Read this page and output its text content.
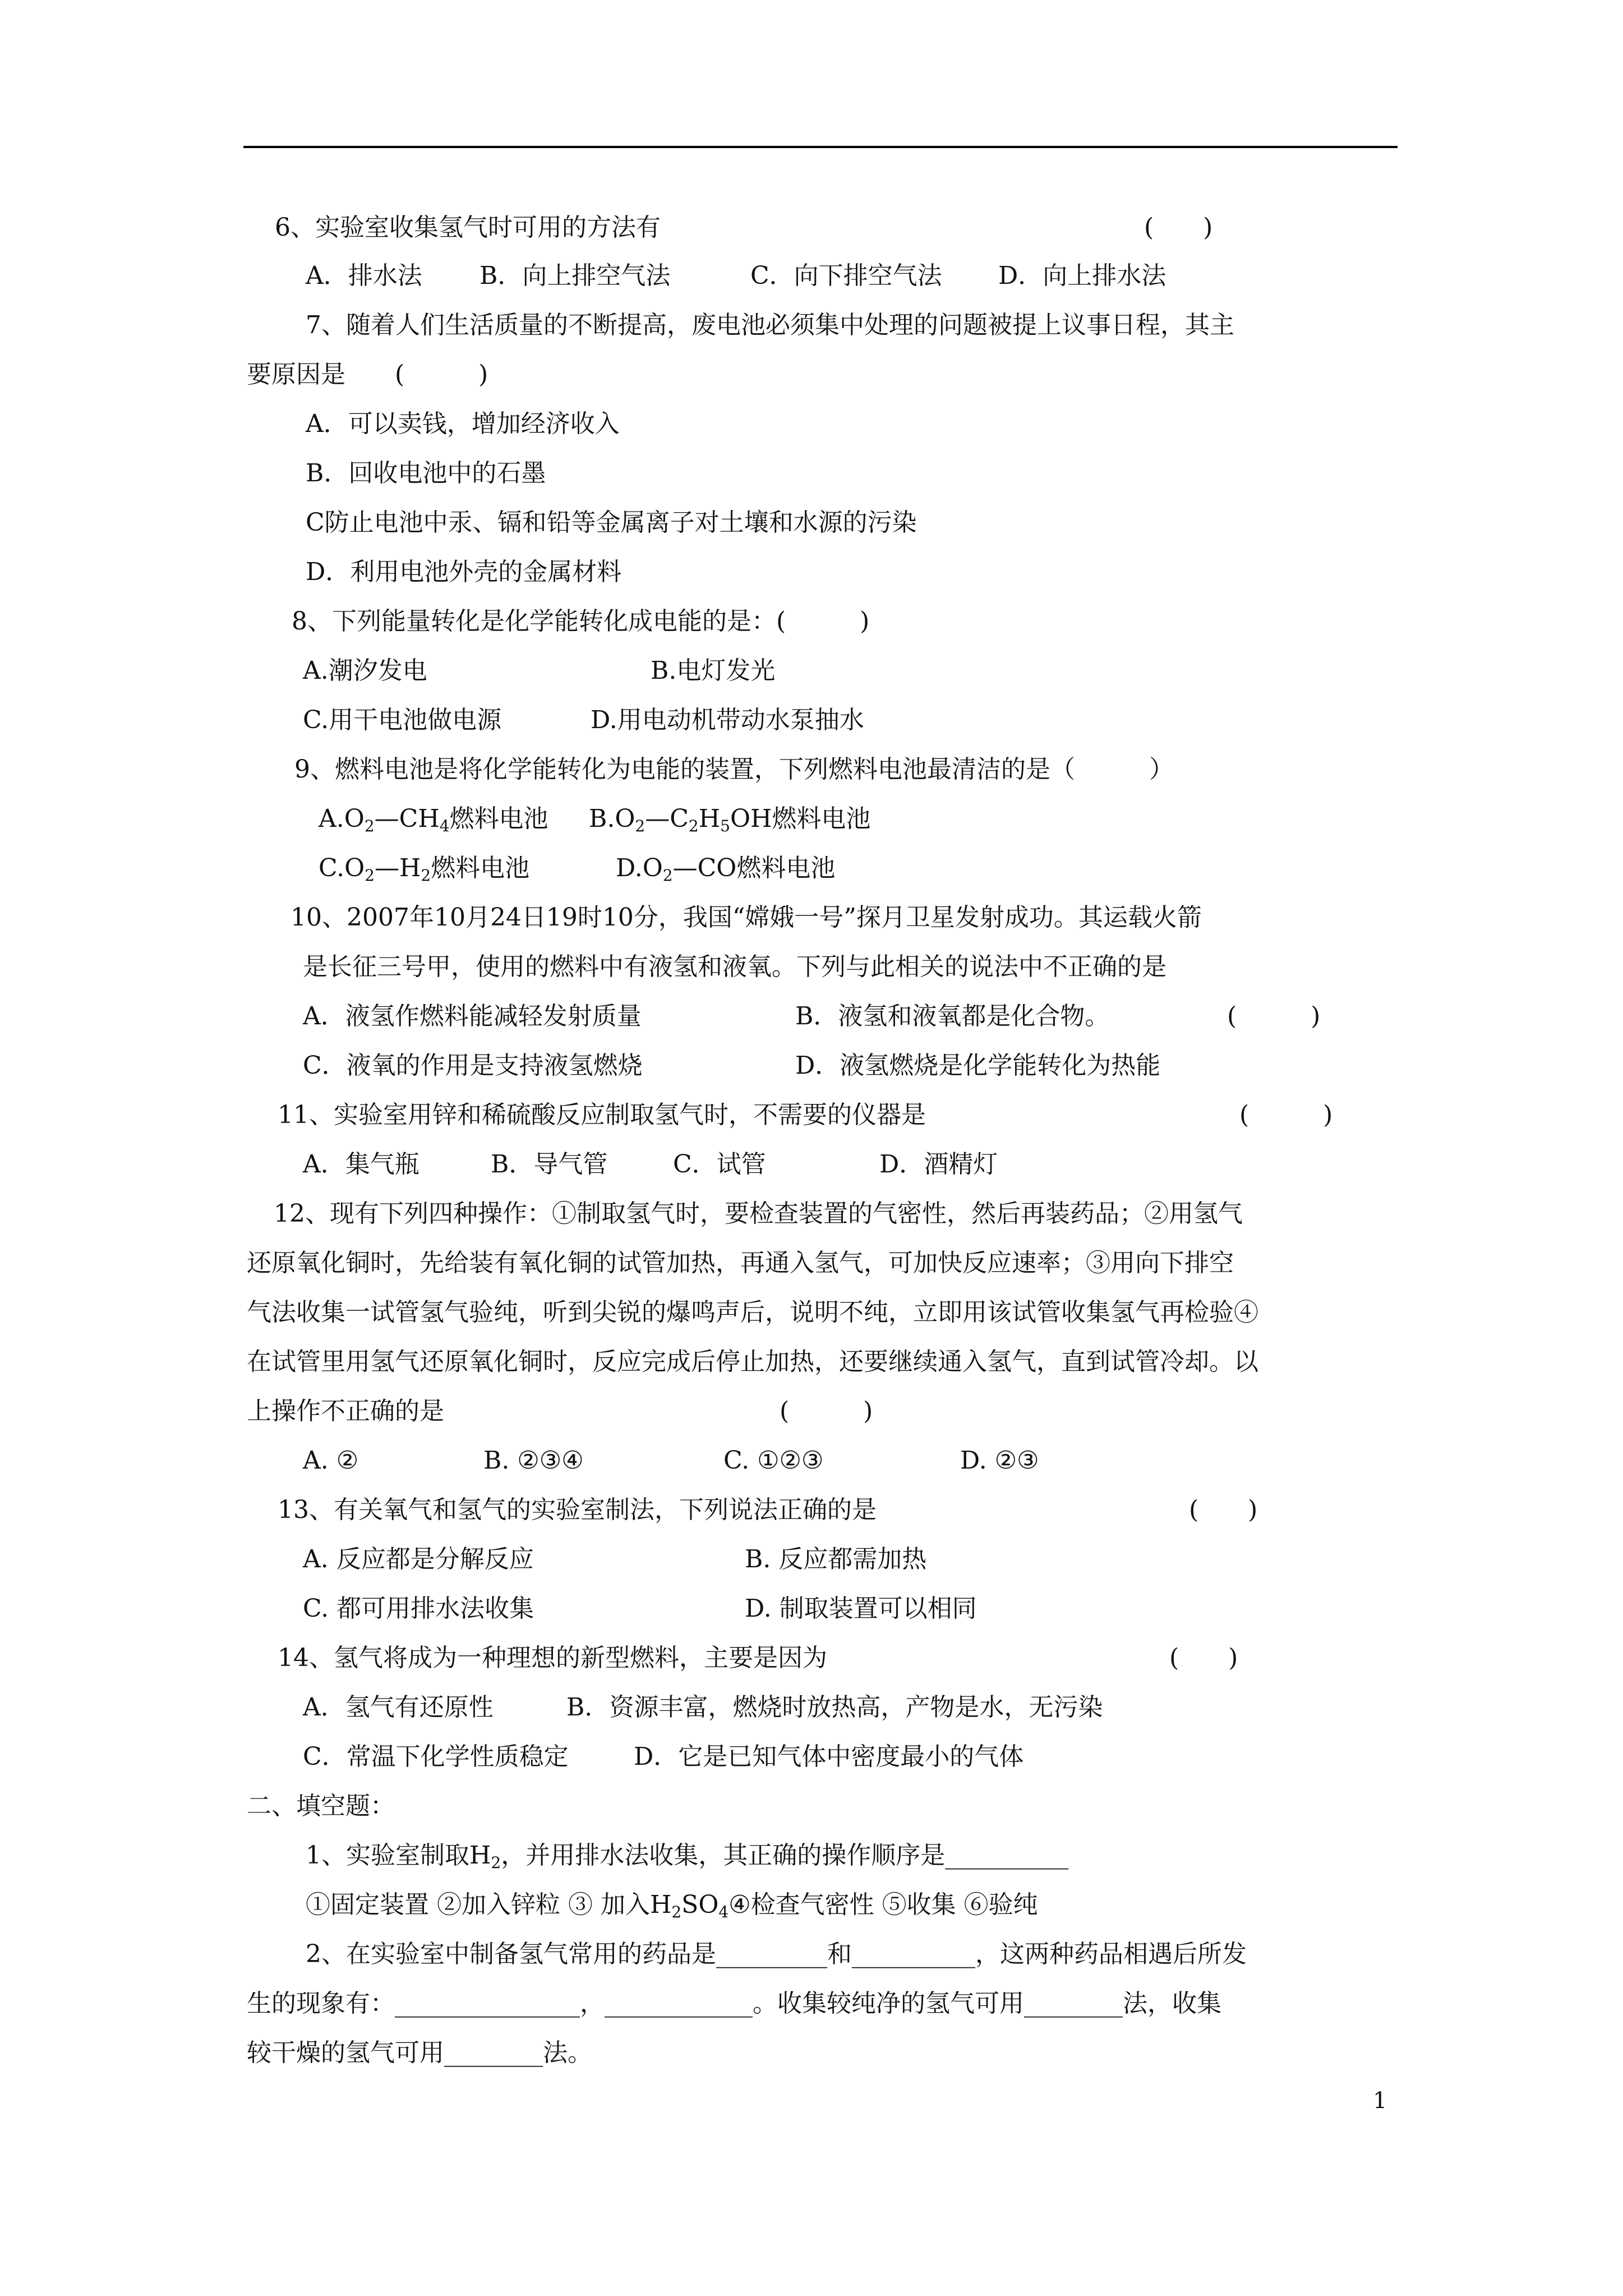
6、实验室收集氢气时可用的方法有	(　　)
A．排水法 B．向上排空气法	C．向下排空气法 D．向上排水法
7、随着人们生活质量的不断提高，废电池必须集中处理的问题被提上议事日程，其主
要原因是　　(　　　)
A．可以卖钱，增加经济收入
B．回收电池中的石墨
C防止电池中汞、镉和铅等金属离子对土壤和水源的污染
D．利用电池外壳的金属材料
8、下列能量转化是化学能转化成电能的是：(　　　)
A.潮汐发电	B.电灯发光
C.用干电池做电源	D.用电动机带动水泵抽水
9、燃料电池是将化学能转化为电能的装置，下列燃料电池最清洁的是（　　　）
$A.O_2—CH_4$燃料电池 $B.O_2—C_2H_5OH$燃料电池
$C.O_2—H_2$燃料电池	$D.O_2—CO$燃料电池
10、2007年10月24日19时10分，我国“嫦娥一号”探月卫星发射成功。其运载火箭
是长征三号甲，使用的燃料中有液氢和液氧。下列与此相关的说法中不正确的是
A．液氢作燃料能减轻发射质量	B．液氢和液氧都是化合物。	(　　　)
C．液氧的作用是支持液氢燃烧	D．液氢燃烧是化学能转化为热能
11、实验室用锌和稀硫酸反应制取氢气时，不需要的仪器是	(　　　)
A．集气瓶	B．导气管	C．试管	D．酒精灯
12、现有下列四种操作：①制取氢气时，要检查装置的气密性，然后再装药品；②用氢气
还原氧化铜时，先给装有氧化铜的试管加热，再通入氢气，可加快反应速率；③用向下排空
气法收集一试管氢气验纯，听到尖锐的爆鸣声后，说明不纯，立即用该试管收集氢气再检验④
在试管里用氢气还原氧化铜时，反应完成后停止加热，还要继续通入氢气，直到试管冷却。以
上操作不正确的是	(　　　)
A. ②	B. ②③④	C. ①②③	D. ②③
13、有关氧气和氢气的实验室制法，下列说法正确的是	(　　)
A. 反应都是分解反应	B. 反应都需加热
C. 都可用排水法收集	D. 制取装置可以相同
14、氢气将成为一种理想的新型燃料，主要是因为	(　　)
A．氢气有还原性	B．资源丰富，燃烧时放热高，产物是水，无污染
C．常温下化学性质稳定	D．它是已知气体中密度最小的气体
二、填空题：
1、实验室制取$H_2$，并用排水法收集，其正确的操作顺序是__________
①固定装置 ②加入锌粒 ③ 加入$H_2SO_4④$检查气密性 ⑤收集 ⑥验纯
2、在实验室中制备氢气常用的药品是_________和__________，这两种药品相遇后所发
生的现象有：_______________，____________。收集较纯净的氢气可用________法，收集
较干燥的氢气可用________法。
1
